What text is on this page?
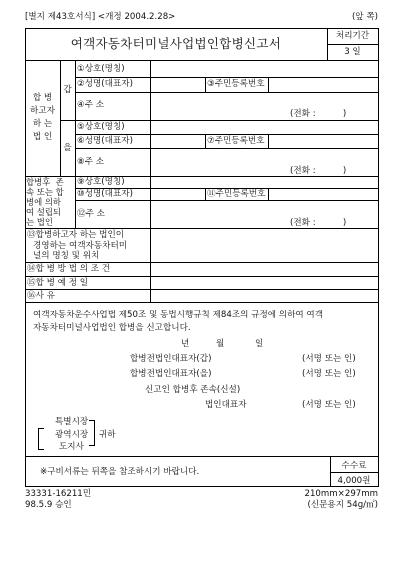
[별지 제43호서식] <개정 2004.2.28>	(앞 쪽)
여객자동차터미널사업법인합병신고서	처리기간
3 일
합 병
하고자
하 는
법 인
갑
을
①상호(명칭)
②성명(대표자)	③주민등록번호
④주 소
(전화 :          )
⑤상호(명칭)
⑥성명(대표자)	⑦주민등록번호
⑧주 소
(전화 :          )
합병후  존
속 또는 합
병에 의하
여 설립되
는 법인
⑨상호(명칭)
⑩성명(대표자)	⑪주민등록번호
⑫주 소
(전화 :          )
⑬합병하고자 하는 법인이
경영하는 여객자동차터미
널의 명칭 및 위치
⑭합 병 방 법 의 조 건
⑮합 병 예 정 일
⑯사 유
여객자동차운수사업법 제50조 및 동법시행규칙 제84조의 규정에 의하여 여객
자동차터미널사업법인 합병을 신고합니다.
년	월	일
합병전법인대표자(갑)	(서명 또는 인)
합병전법인대표자(을)	(서명 또는 인)
신고인 합병후 존속(신설)
법인대표자	(서명 또는 인)
특별시장
광역시장
도지사
귀하
※구비서류는 뒤쪽을 참조하시기 바랍니다.
수수료
4,000원
33331-16211민
98.5.9 승인
210mm×297mm
(신문용지 54g/㎡)
